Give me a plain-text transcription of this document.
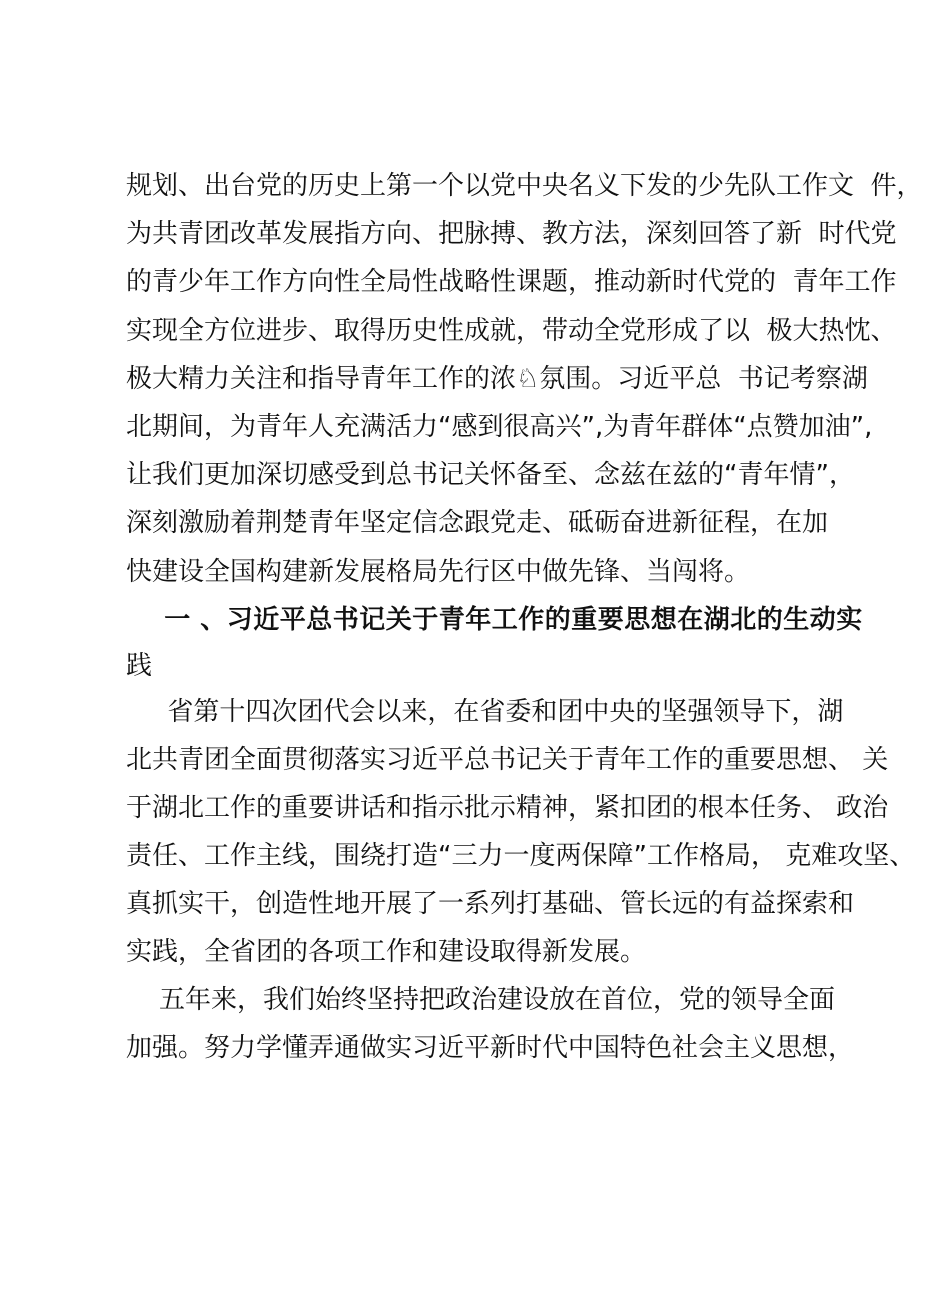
规划、出台党的历史上第一个以党中央名义下发的少先队工作文  件，

为共青团改革发展指方向、把脉搏、教方法，深刻回答了新  时代党

的青少年工作方向性全局性战略性课题，推动新时代党的  青年工作

实现全方位进步、取得历史性成就，带动全党形成了以  极大热忱、

极大精力关注和指导青年工作的浓♘氛围。习近平总  书记考察湖

北期间，为青年人充满活力“感到很高兴”,为青年群体“点赞加油”,

让我们更加深切感受到总书记关怀备至、念兹在兹的“青年情”，

深刻激励着荆楚青年坚定信念跟党走、砥砺奋进新征程，在加

快建设全国构建新发展格局先行区中做先锋、当闯将。

一 、习近平总书记关于青年工作的重要思想在湖北的生动实

践

省第十四次团代会以来，在省委和团中央的坚强领导下，湖

北共青团全面贯彻落实习近平总书记关于青年工作的重要思想、 关

于湖北工作的重要讲话和指示批示精神，紧扣团的根本任务、 政治

责任、工作主线，围绕打造“三力一度两保障”工作格局， 克难攻坚、

真抓实干，创造性地开展了一系列打基础、管长远的有益探索和

实践，全省团的各项工作和建设取得新发展。

五年来，我们始终坚持把政治建设放在首位，党的领导全面

加强。努力学懂弄通做实习近平新时代中国特色社会主义思想，
